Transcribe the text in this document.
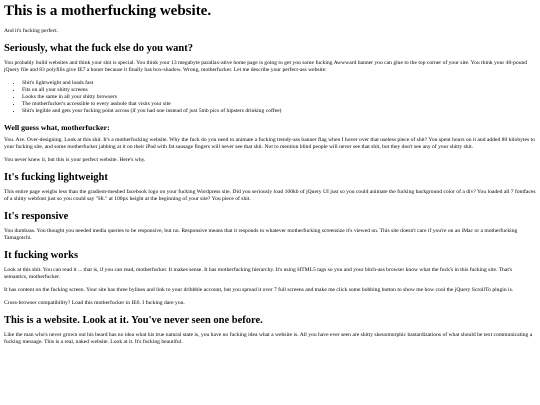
This is a motherfucking website.

And it's fucking perfect.

Seriously, what the fuck else do you want?

You probably build websites and think your shit is special. You think your 13 megabyte parallax-ative home page is going to get you some fucking Awwward banner you can glue to the top corner of your site. You think your 40-pound jQuery file and 83 polyfills give IE7 a boner because it finally has box-shadow. Wrong, motherfucker. Let me describe your perfect-ass website:

• Shit's lightweight and loads fast
• Fits on all your shitty screens
• Looks the same in all your shitty browsers
• The motherfucker's accessible to every asshole that visits your site
• Shit's legible and gets your fucking point across (if you had one instead of just 5mb pics of hipsters drinking coffee)
Well guess what, motherfucker:

You. Are. Over-designing. Look at this shit. It's a motherfucking website. Why the fuck do you need to animate a fucking trendy-ass banner flag when I hover over that useless piece of shit? You spent hours on it and added 80 kilobytes to your fucking site, and some motherfucker jabbing at it on their iPad with fat sausage fingers will never see that shit. Not to mention blind people will never see that shit, but they don't see any of your shitty shit.

You never knew it, but this is your perfect website. Here's why.

It's fucking lightweight

This entire page weighs less than the gradient-meshed facebook logo on your fucking Wordpress site. Did you seriously load 100kb of jQuery UI just so you could animate the fucking background color of a div? You loaded all 7 fontfaces of a shitty webfont just so you could say "Hi." at 100px height at the beginning of your site? You piece of shit.

It's responsive

You dumbass. You thought you needed media queries to be responsive, but no. Responsive means that it responds to whatever motherfucking screensize it's viewed on. This site doesn't care if you're on an iMac or a motherfucking Tamagotchi.

It fucking works

Look at this shit. You can read it ... that is, if you can read, motherfucker. It makes sense. It has motherfucking hierarchy. It's using HTML5 tags so you and your bitch-ass browser know what the fuck's in this fucking site. That's semantics, motherfucker.

It has content on the fucking screen. Your site has three bylines and link to your dribbble account, but you spread it over 7 full screens and make me click some bobbing button to show me how cool the jQuery ScrollTo plugin is.

Cross-browser compatibility? Load this motherfucker in IE6. I fucking dare you.

This is a website. Look at it. You've never seen one before.

Like the man who's never grown out his beard has no idea what his true natural state is, you have no fucking idea what a website is. All you have ever seen are shitty skeuomorphic bastardizations of what should be text communicating a fucking message. This is a real, naked website. Look at it. It's fucking beautiful.
